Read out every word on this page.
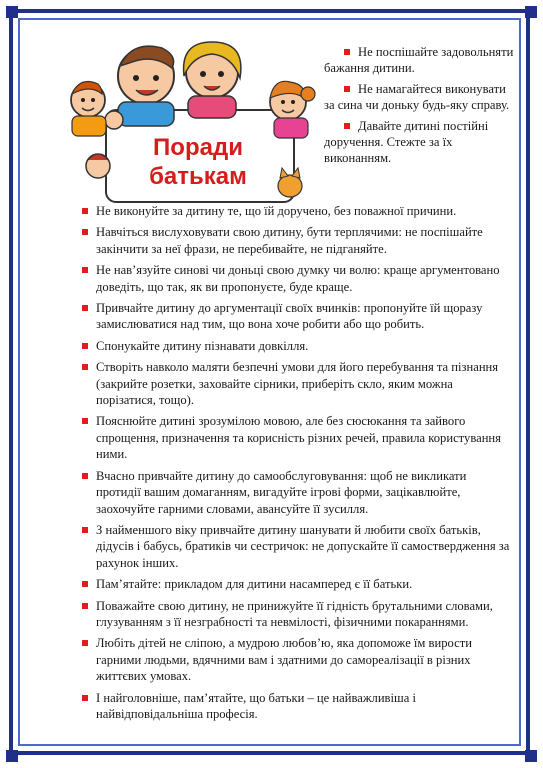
Поради
батькам
Не поспішайте задовольняти бажання дитини.
Не намагайтеся виконувати за сина чи доньку будь-яку справу.
Давайте дитині постійні доручення. Стежте за їх виконанням.
Не виконуйте за дитину те, що їй доручено, без поважної причини.
Навчіться вислуховувати свою дитину, бути терплячими: не поспішайте закінчити за неї фрази, не перебивайте, не підганяйте.
Не нав’язуйте синові чи доньці свою думку чи волю: краще аргументовано доведіть, що так, як ви пропонуєте, буде краще.
Привчайте дитину до аргументації своїх вчинків: пропонуйте їй щоразу замислюватися над тим, що вона хоче робити або що робить.
Спонукайте дитину пізнавати довкілля.
Створіть навколо маляти безпечні умови для його перебування та пізнання (закрийте розетки, заховайте сірники, приберіть скло, яким можна порізатися, тощо).
Пояснюйте дитині зрозумілою мовою, але без сюсюкання та зайвого спрощення, призначення та корисність різних речей, правила користування ними.
Вчасно привчайте дитину до самообслуговування: щоб не викликати протидії вашим домаганням, вигадуйте ігрові форми, зацікавлюйте, заохочуйте гарними словами, авансуйте її зусилля.
З найменшого віку привчайте дитину шанувати й любити своїх батьків, дідусів і бабусь, братиків чи сестричок: не допускайте її самоствердження за рахунок інших.
Пам’ятайте: прикладом для дитини насамперед є її батьки.
Поважайте свою дитину, не принижуйте її гідність брутальними словами, глузуванням з її незграбності та невмілості, фізичними покараннями.
Любіть дітей не сліпою, а мудрою любов’ю, яка допоможе їм вирости гарними людьми, вдячними вам і здатними до самореалізації в різних життєвих умовах.
І найголовніше, пам’ятайте, що батьки – це найважливіша і найвідповідальніша професія.
